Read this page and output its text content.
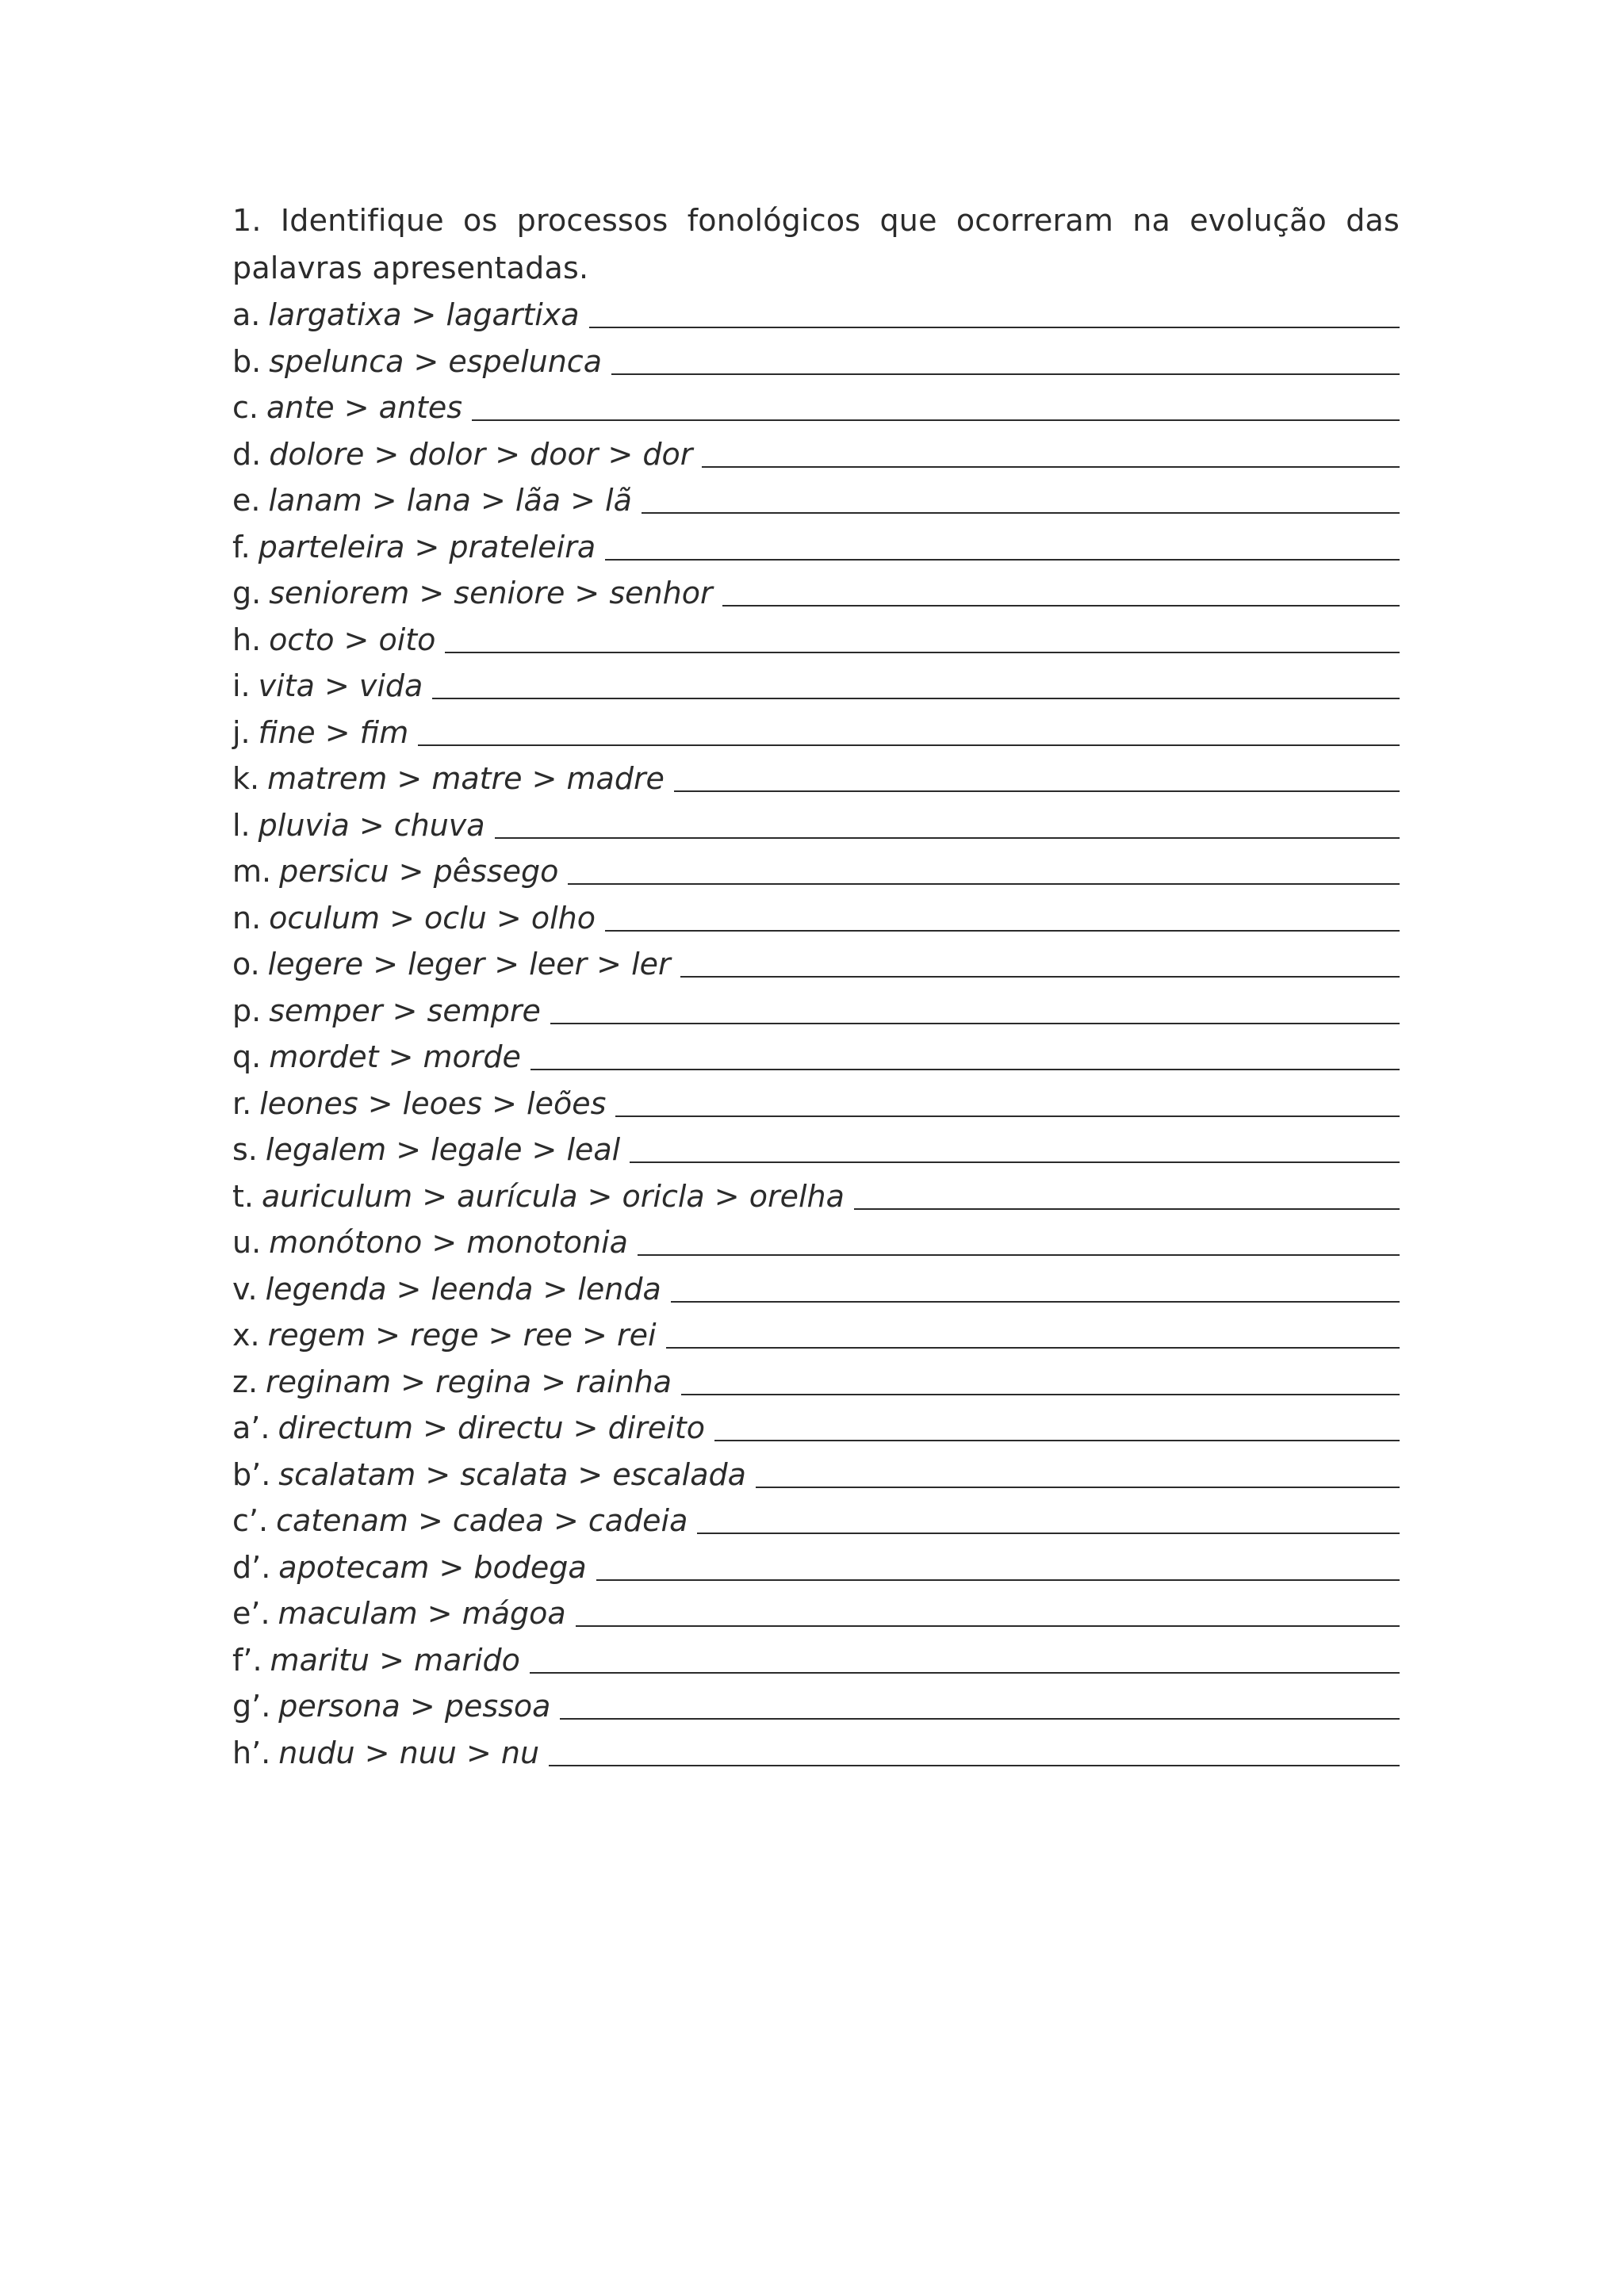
1. Identifique os processos fonológicos que ocorreram na evolução das palavras apresentadas.

a. largatixa > lagartixa
b. spelunca > espelunca
c. ante > antes
d. dolore > dolor > door > dor
e. lanam > lana > lãa > lã
f. parteleira > prateleira
g. seniorem > seniore > senhor
h. octo > oito
i. vita > vida
j. fine > fim
k. matrem > matre > madre
l. pluvia > chuva
m. persicu > pêssego
n. oculum > oclu > olho
o. legere > leger > leer > ler
p. semper > sempre
q. mordet > morde
r. leones > leoes > leões
s. legalem > legale > leal
t. auriculum > aurícula > oricla > orelha
u. monótono > monotonia
v. legenda > leenda > lenda
x. regem > rege > ree > rei
z. reginam > regina > rainha
a’. directum > directu > direito
b’. scalatam > scalata > escalada
c’. catenam > cadea > cadeia
d’. apotecam > bodega
e’. maculam > mágoa
f’. maritu > marido
g’. persona > pessoa
h’. nudu > nuu > nu
